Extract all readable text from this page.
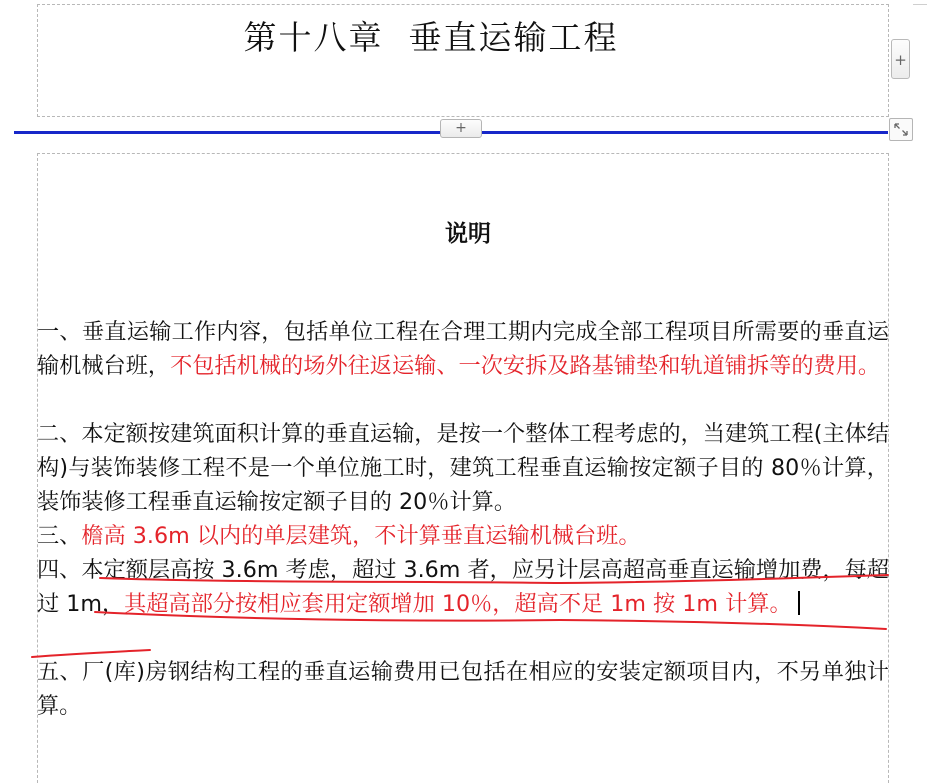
第十八章  垂直运输工程
+
+
说明

一、垂直运输工作内容，包括单位工程在合理工期内完成全部工程项目所需要的垂直运输机械台班，不包括机械的场外往返运输、一次安拆及路基铺垫和轨道铺拆等的费用。

二、本定额按建筑面积计算的垂直运输，是按一个整体工程考虑的，当建筑工程(主体结构)与装饰装修工程不是一个单位施工时，建筑工程垂直运输按定额子目的 80％计算，装饰装修工程垂直运输按定额子目的 20％计算。

三、檐高 3.6m 以内的单层建筑，不计算垂直运输机械台班。

四、本定额层高按 3.6m 考虑，超过 3.6m 者，应另计层高超高垂直运输增加费，每超过 1m，其超高部分按相应套用定额增加 10％，超高不足 1m 按 1m 计算。

五、厂(库)房钢结构工程的垂直运输费用已包括在相应的安装定额项目内，不另单独计算。
